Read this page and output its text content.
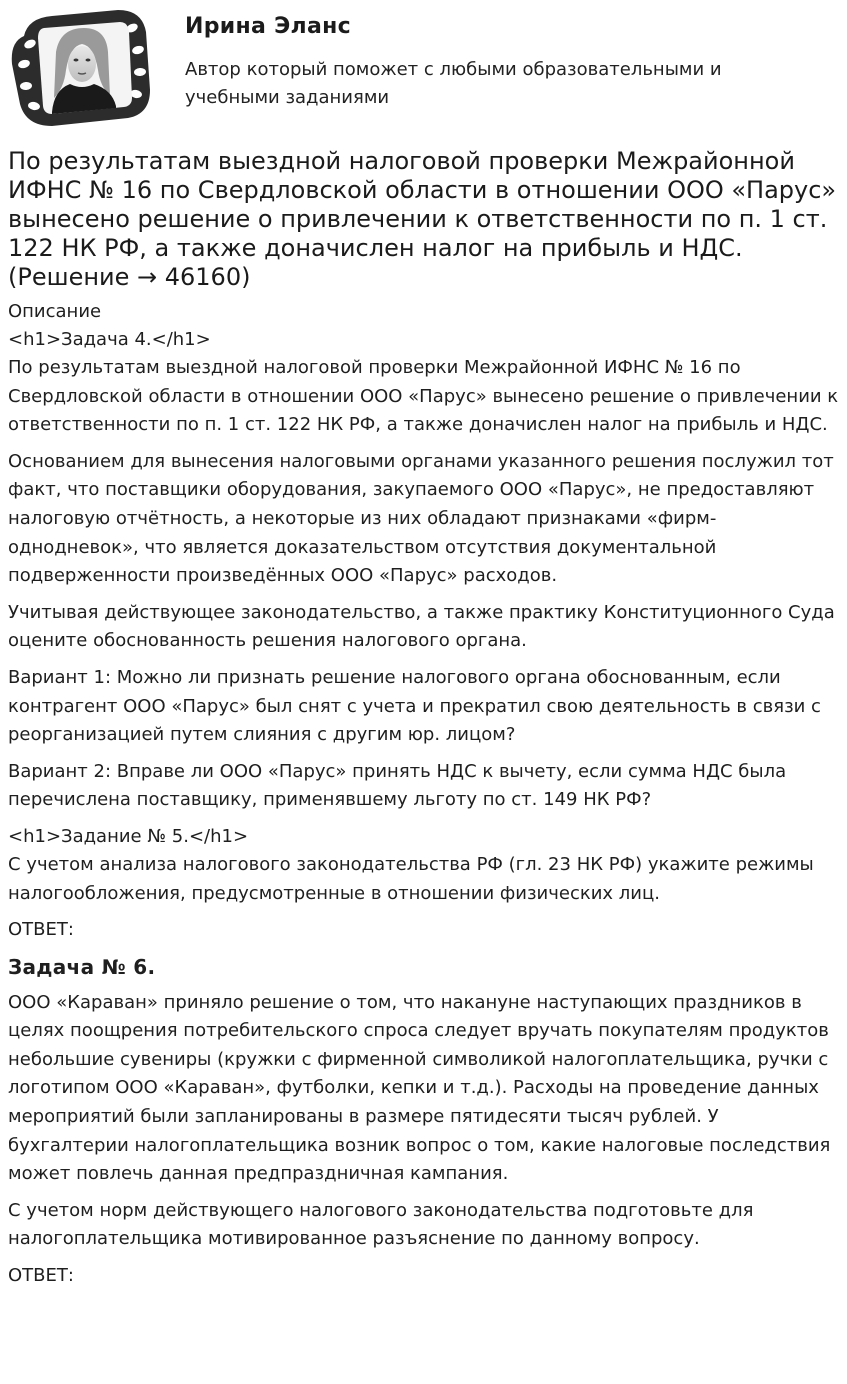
Ирина Эланс
Автор который поможет с любыми образовательными и учебными заданиями
По результатам выездной налоговой проверки Межрайонной ИФНС № 16 по Свердловской области в отношении ООО «Парус» вынесено решение о привлечении к ответственности по п. 1 ст. 122 НК РФ, а также доначислен налог на прибыль и НДС. (Решение → 46160)
Описание
<h1>Задача 4.</h1>

По результатам выездной налоговой проверки Межрайонной ИФНС № 16 по Свердловской области в отношении ООО «Парус» вынесено решение о привлечении к ответственности по п. 1 ст. 122 НК РФ, а также доначислен налог на прибыль и НДС.

Основанием для вынесения налоговыми органами указанного решения послужил тот факт, что поставщики оборудования, закупаемого ООО «Парус», не предоставляют налоговую отчётность, а некоторые из них обладают признаками «фирм-однодневок», что является доказательством отсутствия документальной подверженности произведённых ООО «Парус» расходов.

Учитывая действующее законодательство, а также практику Конституционного Суда оцените обоснованность решения налогового органа.

Вариант 1: Можно ли признать решение налогового органа обоснованным, если контрагент ООО «Парус» был снят с учета и прекратил свою деятельность в связи с реорганизацией путем слияния с другим юр. лицом?

Вариант 2: Вправе ли ООО «Парус» принять НДС к вычету, если сумма НДС была перечислена поставщику, применявшему льготу по ст. 149 НК РФ?

<h1>Задание № 5.</h1>

С учетом анализа налогового законодательства РФ (гл. 23 НК РФ) укажите режимы налогообложения, предусмотренные в отношении физических лиц.

ОТВЕТ:

Задача № 6.

ООО «Караван» приняло решение о том, что накануне наступающих праздников в целях поощрения потребительского спроса следует вручать покупателям продуктов небольшие сувениры (кружки с фирменной символикой налогоплательщика, ручки с логотипом ООО «Караван», футболки, кепки и т.д.). Расходы на проведение данных мероприятий были запланированы в размере пятидесяти тысяч рублей. У бухгалтерии налогоплательщика возник вопрос о том, какие налоговые последствия может повлечь данная предпраздничная кампания.

С учетом норм действующего налогового законодательства подготовьте для налогоплательщика мотивированное разъяснение по данному вопросу.

ОТВЕТ:
